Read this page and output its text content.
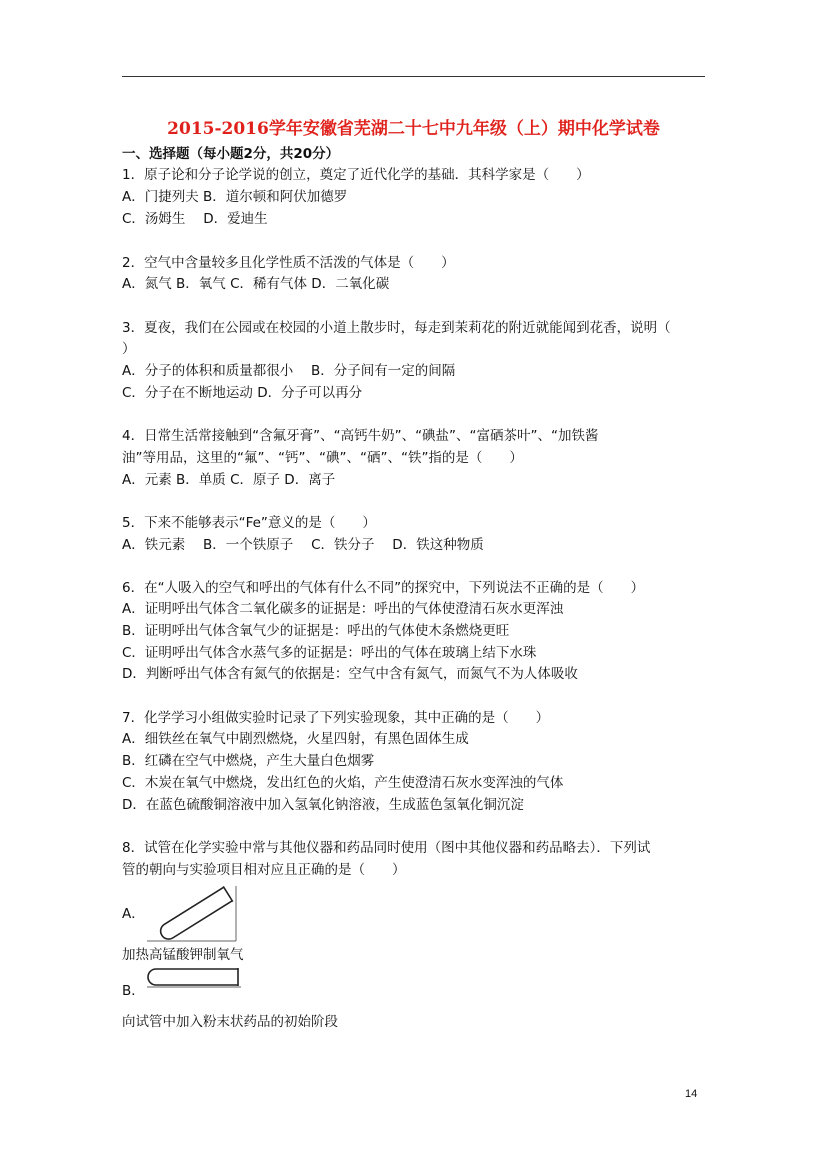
2015-2016学年安徽省芜湖二十七中九年级（上）期中化学试卷
一、选择题（每小题2分，共20分）
1．原子论和分子论学说的创立，奠定了近代化学的基础．其科学家是（　　）
A．门捷列夫 B．道尔顿和阿伏加德罗
C．汤姆生　 D．爱迪生
2．空气中含量较多且化学性质不活泼的气体是（　　）
A．氮气 B．氧气 C．稀有气体 D．二氧化碳
3．夏夜，我们在公园或在校园的小道上散步时，每走到茉莉花的附近就能闻到花香，说明（
）
A．分子的体积和质量都很小　 B．分子间有一定的间隔
C．分子在不断地运动 D．分子可以再分
4．日常生活常接触到“含氟牙膏”、“高钙牛奶”、“碘盐”、“富硒茶叶”、“加铁酱
油”等用品，这里的“氟”、“钙”、“碘”、“硒”、“铁”指的是（　　）
A．元素 B．单质 C．原子 D．离子
5．下来不能够表示“Fe”意义的是（　　）
A．铁元素　 B．一个铁原子　 C．铁分子　 D．铁这种物质
6．在“人吸入的空气和呼出的气体有什么不同”的探究中，下列说法不正确的是（　　）
A．证明呼出气体含二氧化碳多的证据是：呼出的气体使澄清石灰水更浑浊
B．证明呼出气体含氧气少的证据是：呼出的气体使木条燃烧更旺
C．证明呼出气体含水蒸气多的证据是：呼出的气体在玻璃上结下水珠
D．判断呼出气体含有氮气的依据是：空气中含有氮气，而氮气不为人体吸收
7．化学学习小组做实验时记录了下列实验现象，其中正确的是（　　）
A．细铁丝在氧气中剧烈燃烧，火星四射，有黑色固体生成
B．红磷在空气中燃烧，产生大量白色烟雾
C．木炭在氧气中燃烧，发出红色的火焰，产生使澄清石灰水变浑浊的气体
D．在蓝色硫酸铜溶液中加入氢氧化钠溶液，生成蓝色氢氧化铜沉淀
8．试管在化学实验中常与其他仪器和药品同时使用（图中其他仪器和药品略去）．下列试
管的朝向与实验项目相对应且正确的是（　　）
A．
加热高锰酸钾制氧气
B．
向试管中加入粉末状药品的初始阶段
14
